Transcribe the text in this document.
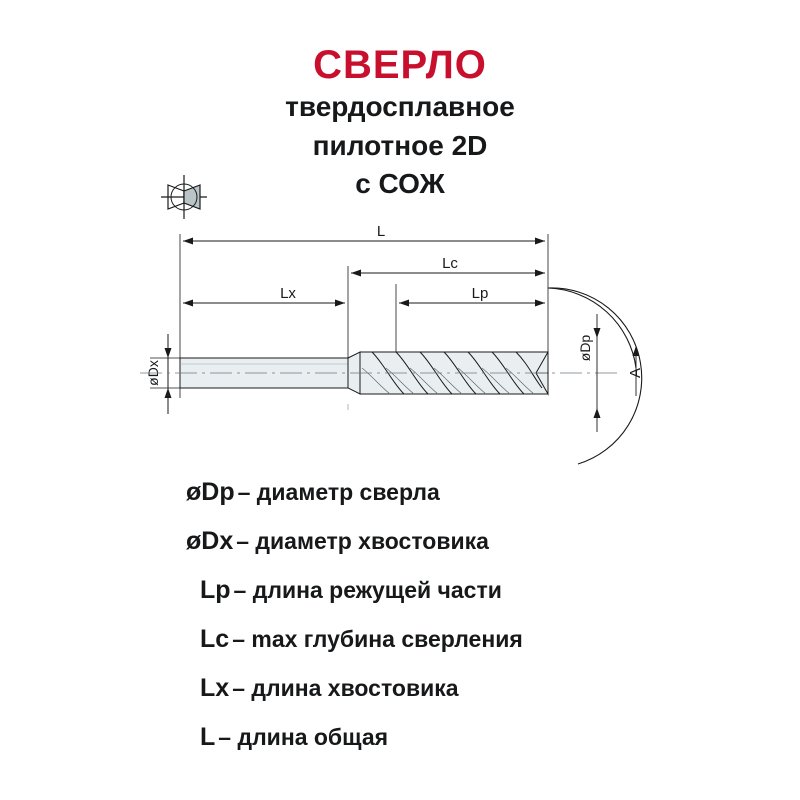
СВЕРЛО
твердосплавное
пилотное 2D
с СОЖ
L
Lc
Lx	Lp
øDx
øDp
A
øDp – диаметр сверла
øDx – диаметр хвостовика
Lp – длина режущей части
Lc – max глубина сверления
Lx – длина хвостовика
L – длина общая
